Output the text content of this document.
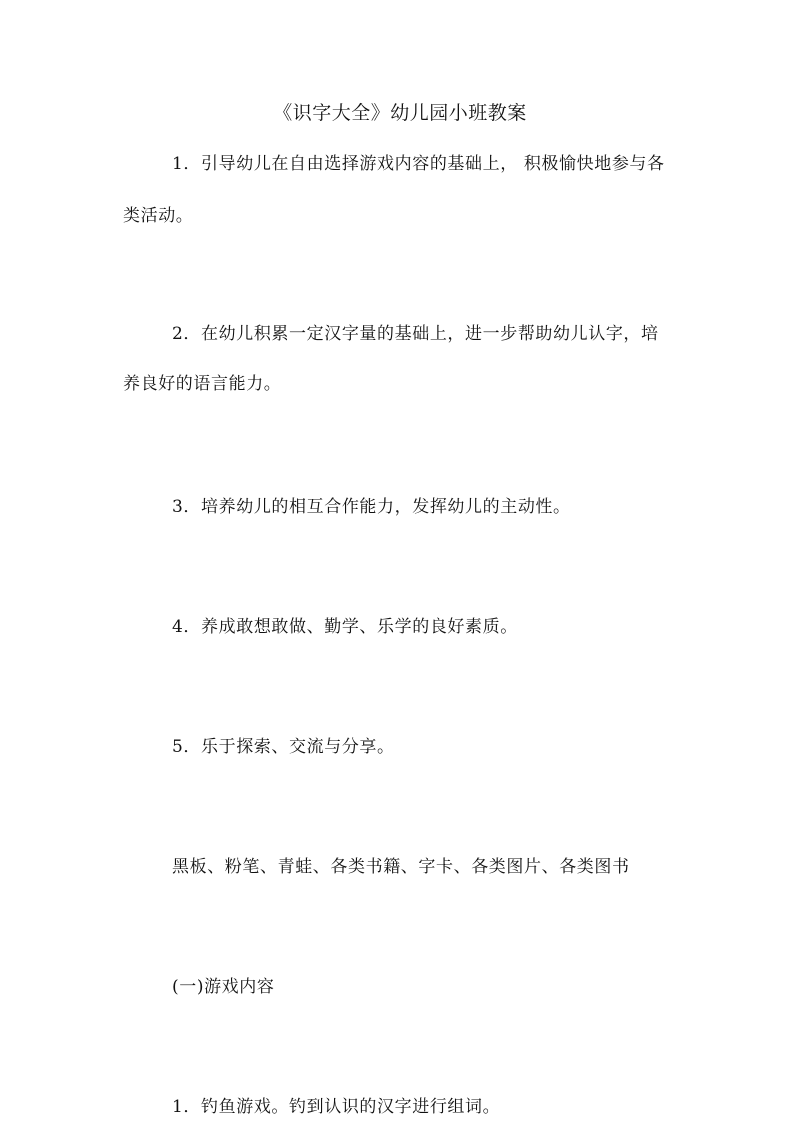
《识字大全》幼儿园小班教案
1．引导幼儿在自由选择游戏内容的基础上， 积极愉快地参与各
类活动。
2．在幼儿积累一定汉字量的基础上，进一步帮助幼儿认字，培
养良好的语言能力。
3．培养幼儿的相互合作能力，发挥幼儿的主动性。
4．养成敢想敢做、勤学、乐学的良好素质。
5．乐于探索、交流与分享。
黑板、粉笔、青蛙、各类书籍、字卡、各类图片、各类图书
(一)游戏内容
1．钓鱼游戏。钓到认识的汉字进行组词。
